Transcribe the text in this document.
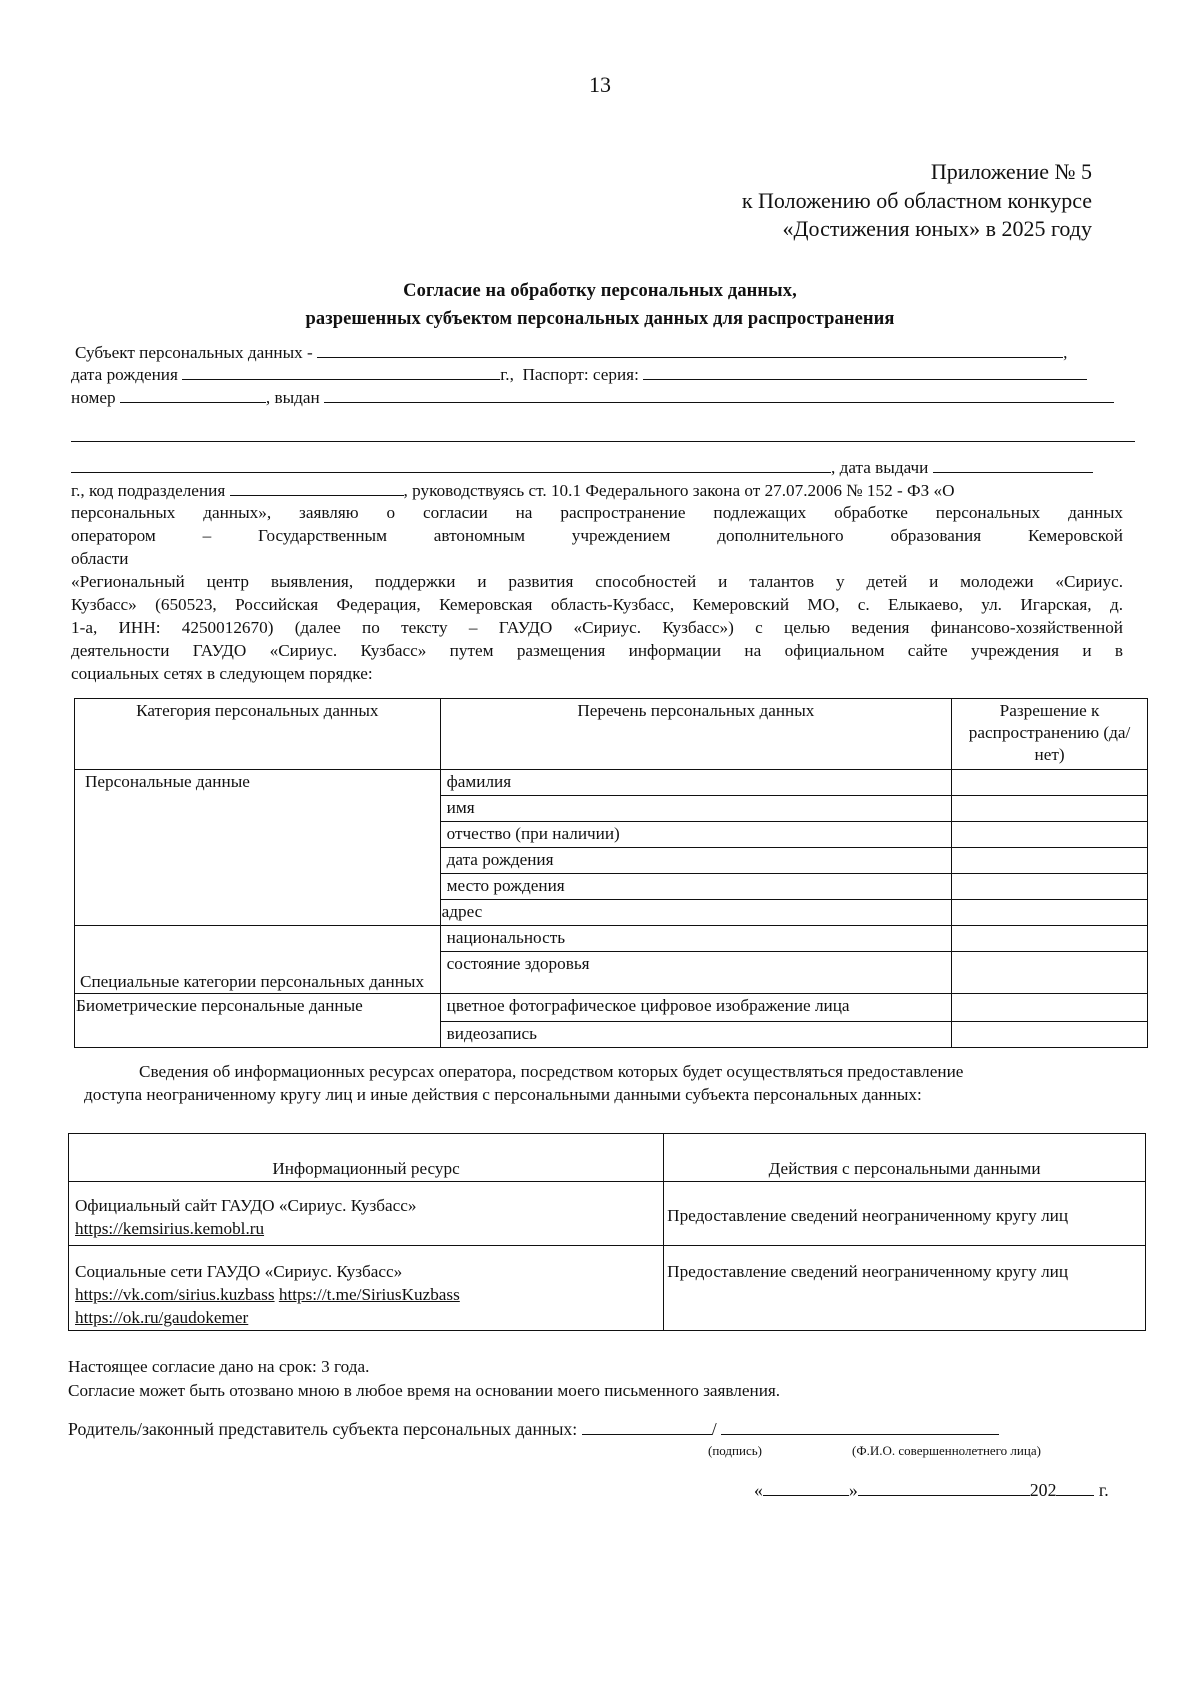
13
Приложение № 5
к Положению об областном конкурсе
«Достижения юных» в 2025 году
Согласие на обработку персональных данных,
разрешенных субъектом персональных данных для распространения
Субъект персональных данных -	,
дата рождения	г., Паспорт: серия:
номер	, выдан
, дата выдачи
г., код подразделения	, руководствуясь ст. 10.1 Федерального закона от 27.07.2006 № 152 - ФЗ «О
персональных данных», заявляю о согласии на распространение подлежащих обработке персональных данных
оператором – Государственным автономным учреждением дополнительного образования Кемеровской
области
«Региональный центр выявления, поддержки и развития способностей и талантов у детей и молодежи «Сириус.
Кузбасс» (650523, Российская Федерация, Кемеровская область-Кузбасс, Кемеровский МО, с. Елыкаево, ул. Игарская, д.
1-а, ИНН: 4250012670) (далее по тексту – ГАУДО «Сириус. Кузбасс») с целью ведения финансово-хозяйственной
деятельности ГАУДО «Сириус. Кузбасс» путем размещения информации на официальном сайте учреждения и в
социальных сетях в следующем порядке:
Категория персональных данных	Перечень персональных данных	Разрешение к распространению (да/нет)
Персональные данные	фамилия	
	имя	
	отчество (при наличии)	
	дата рождения	
	место рождения	
	адрес	
Специальные категории персональных данных	национальность	
	состояние здоровья	
Биометрические персональные данные	цветное фотографическое цифровое изображение лица	
	видеозапись	
Сведения об информационных ресурсах оператора, посредством которых будет осуществляться предоставление
доступа неограниченному кругу лиц и иные действия с персональными данными субъекта персональных данных:
Информационный ресурс	Действия с персональными данными

Официальный сайт ГАУДО «Сириус. Кузбасс»
https://kemsirius.kemobl.ru	Предоставление сведений неограниченному кругу лиц

Социальные сети ГАУДО «Сириус. Кузбасс»
https://vk.com/sirius.kuzbass https://t.me/SiriusKuzbass
https://ok.ru/gaudokemer	Предоставление сведений неограниченному кругу лиц
Настоящее согласие дано на срок: 3 года.
Согласие может быть отозвано мною в любое время на основании моего письменного заявления.
Родитель/законный представитель субъекта персональных данных:	/
(подпись)	(Ф.И.О. совершеннолетнего лица)
«	»	202 г.
